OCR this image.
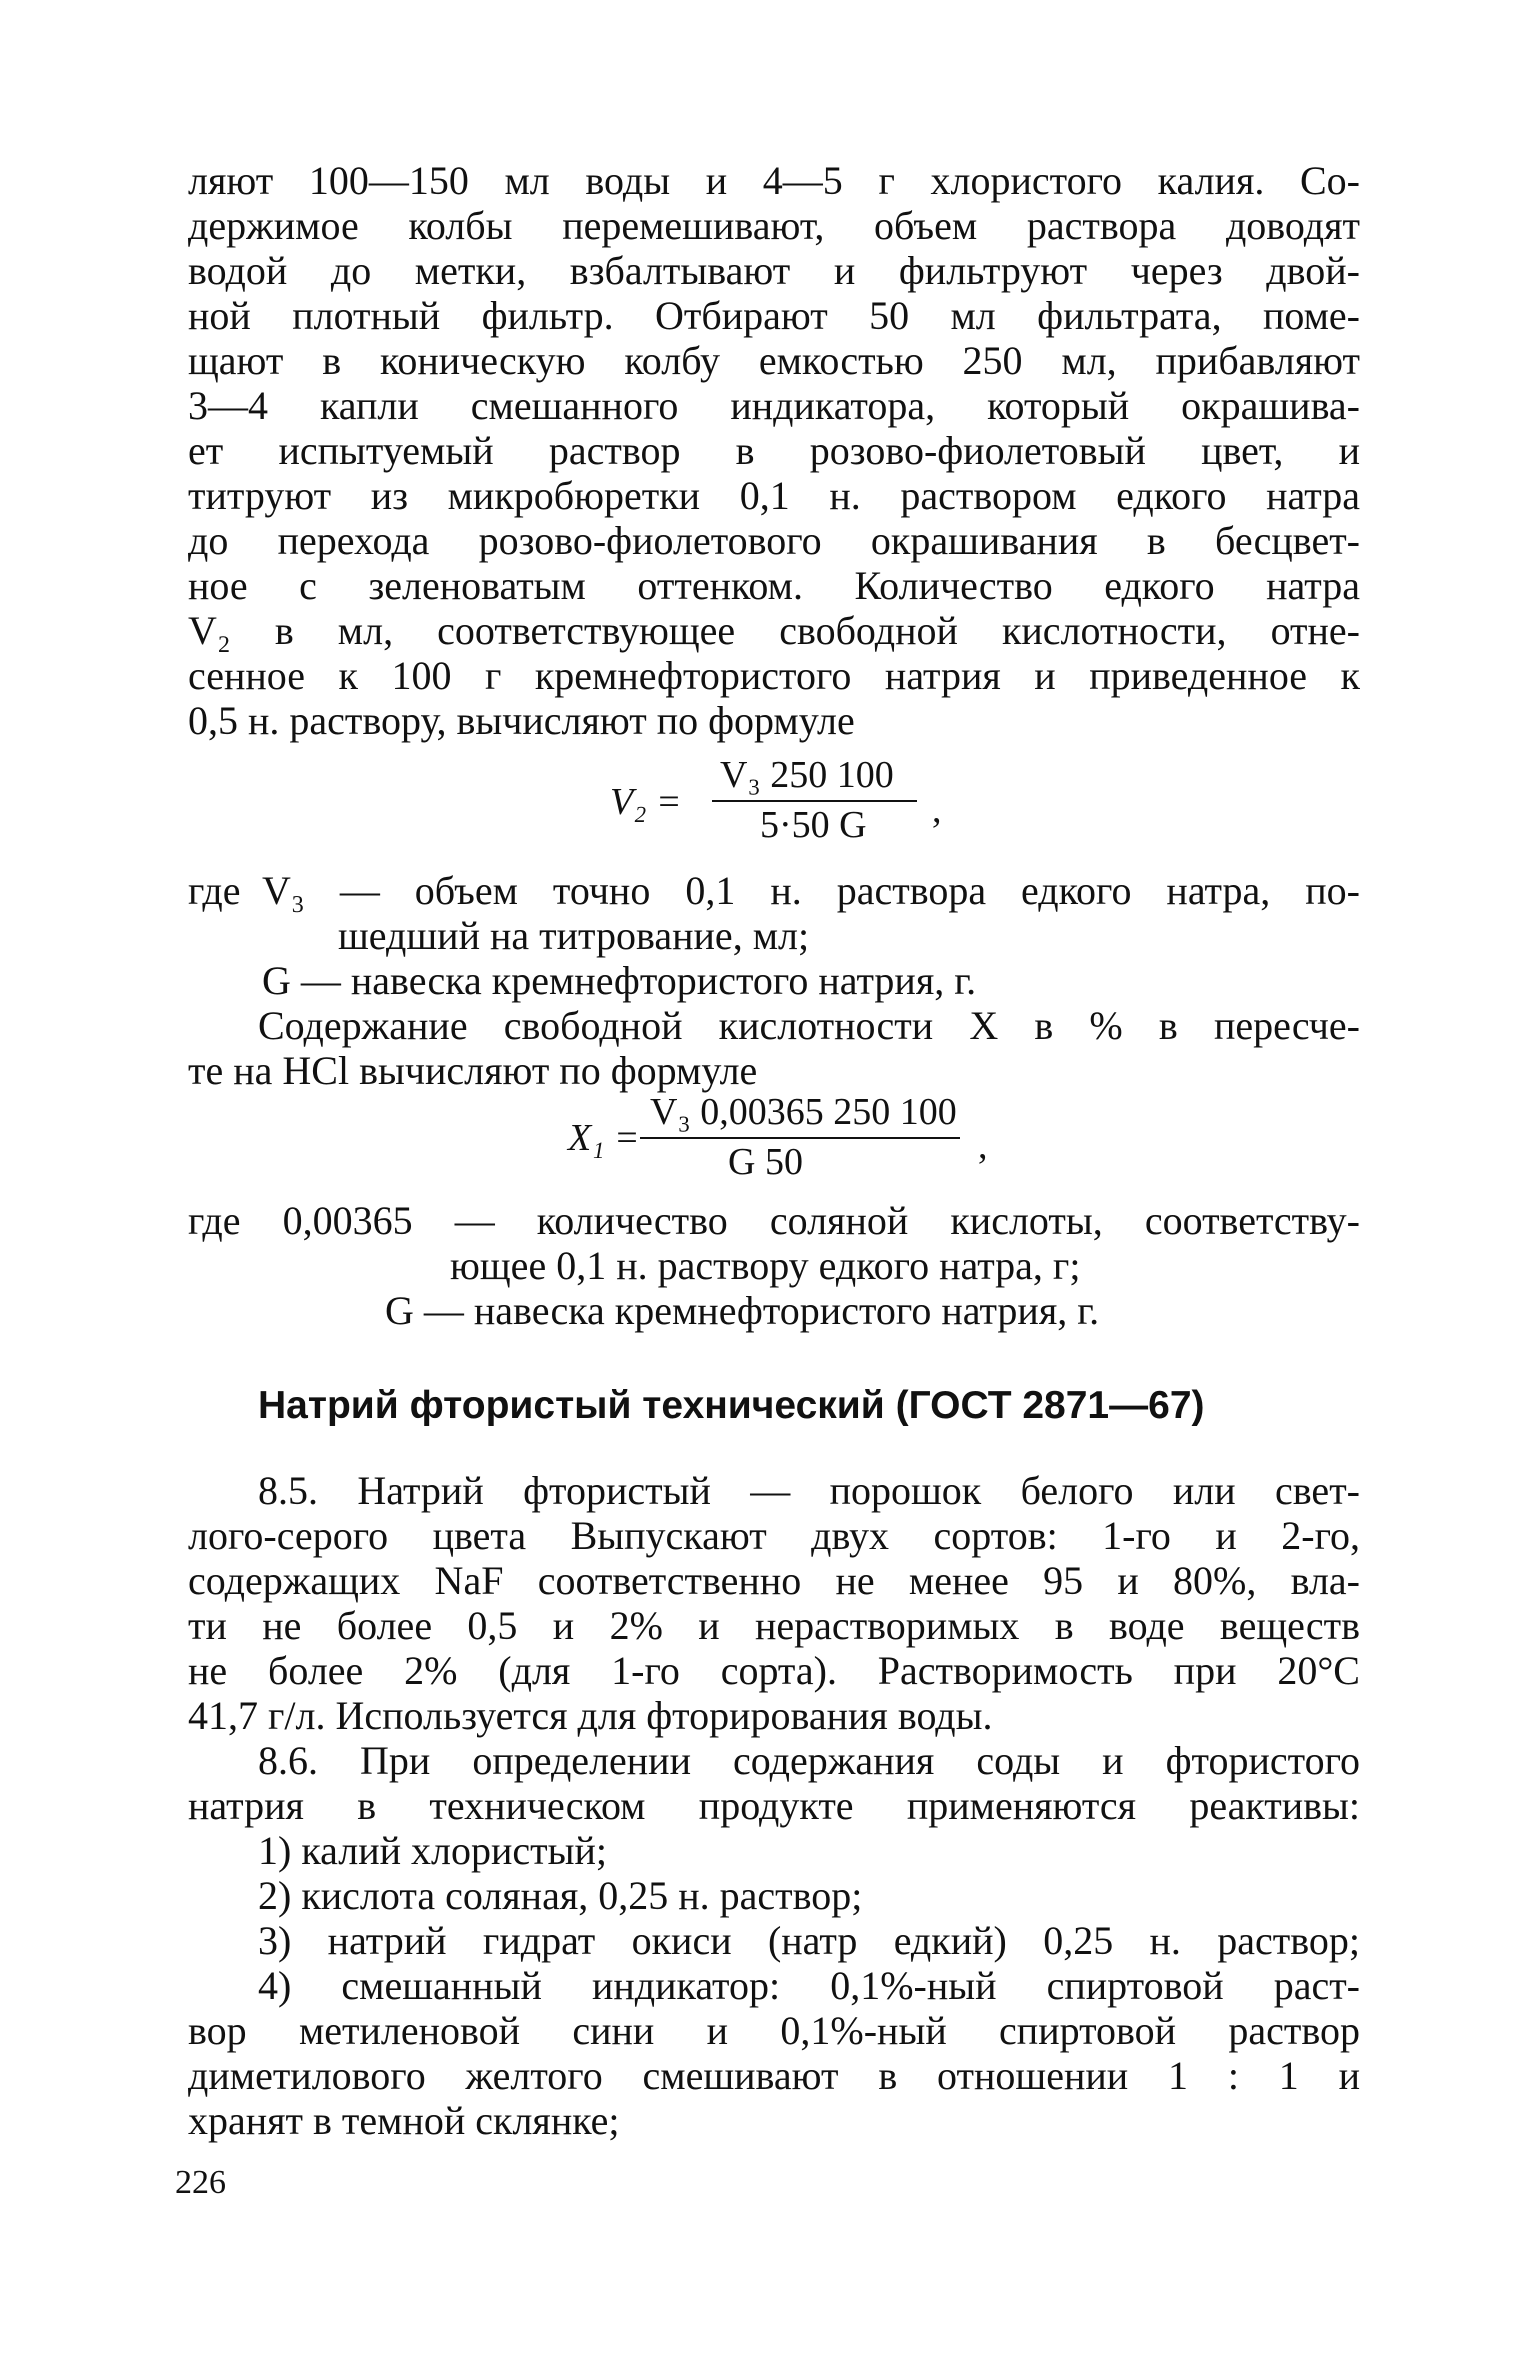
ляют 100—150 мл воды и 4—5 г хлористого калия. Со-
держимое колбы перемешивают, объем раствора доводят
водой до метки, взбалтывают и фильтруют через двой-
ной плотный фильтр. Отбирают 50 мл фильтрата, поме-
щают в коническую колбу емкостью 250 мл, прибавляют
3—4 капли смешанного индикатора, который окрашива-
ет испытуемый раствор в розово-фиолетовый цвет, и
титруют из микробюретки 0,1 н. раствором едкого натра
до перехода розово-фиолетового окрашивания в бесцвет-
ное с зеленоватым оттенком. Количество едкого натра
V₂ в мл, соответствующее свободной кислотности, отне-
сенное к 100 г кремнефтористого натрия и приведенное к
0,5 н. раствору, вычисляют по формуле
V₂ =
V₃ 250 100
5·50 G ,
где V₃ — объем точно 0,1 н. раствора едкого натра, по-
шедший на титрование, мл;
G — навеска кремнефтористого натрия, г.
Содержание свободной кислотности X в % в пересче-
те на HCl вычисляют по формуле
X₁ =
V₃ 0,00365 250 100
G 50	,
где 0,00365 — количество соляной кислоты, соответству-
ющее 0,1 н. раствору едкого натра, г;
G — навеска кремнефтористого натрия, г.
Натрий фтористый технический (ГОСТ 2871—67)
8.5. Натрий фтористый — порошок белого или свет-
лого-серого цвета Выпускают двух сортов: 1-го и 2-го,
содержащих NaF соответственно не менее 95 и 80%, вла-
ти не более 0,5 и 2% и нерастворимых в воде веществ
не более 2% (для 1-го сорта). Растворимость при 20°C
41,7 г/л. Используется для фторирования воды.
8.6. При определении содержания соды и фтористого
натрия в техническом продукте применяются реактивы:
1) калий хлористый;
2) кислота соляная, 0,25 н. раствор;
3) натрий гидрат окиси (натр едкий) 0,25 н. раствор;
4) смешанный индикатор: 0,1%-ный спиртовой раст-
вор метиленовой сини и 0,1%-ный спиртовой раствор
диметилового желтого смешивают в отношении 1 : 1 и
хранят в темной склянке;
226
